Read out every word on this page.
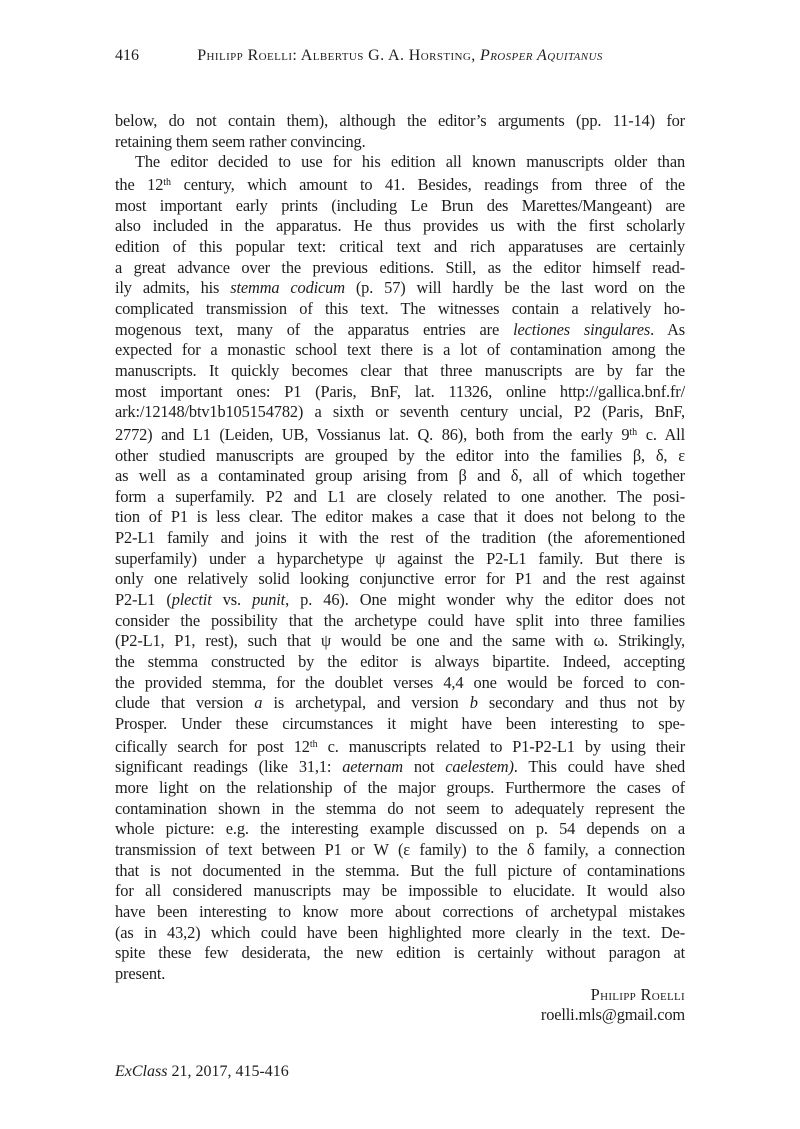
416	Philipp Roelli: Albertus G. A. Horsting, Prosper Aquitanus
below, do not contain them), although the editor’s arguments (pp. 11-14) for
retaining them seem rather convincing.
The editor decided to use for his edition all known manuscripts older than
the 12th century, which amount to 41. Besides, readings from three of the
most important early prints (including Le Brun des Marettes/Mangeant) are
also included in the apparatus. He thus provides us with the first scholarly
edition of this popular text: critical text and rich apparatuses are certainly
a great advance over the previous editions. Still, as the editor himself read-
ily admits, his stemma codicum (p. 57) will hardly be the last word on the
complicated transmission of this text. The witnesses contain a relatively ho-
mogenous text, many of the apparatus entries are lectiones singulares. As
expected for a monastic school text there is a lot of contamination among the
manuscripts. It quickly becomes clear that three manuscripts are by far the
most important ones: P1 (Paris, BnF, lat. 11326, online http://gallica.bnf.fr/
ark:/12148/btv1b105154782) a sixth or seventh century uncial, P2 (Paris, BnF,
2772) and L1 (Leiden, UB, Vossianus lat. Q. 86), both from the early 9th c. All
other studied manuscripts are grouped by the editor into the families β, δ, ε
as well as a contaminated group arising from β and δ, all of which together
form a superfamily. P2 and L1 are closely related to one another. The posi-
tion of P1 is less clear. The editor makes a case that it does not belong to the
P2-L1 family and joins it with the rest of the tradition (the aforementioned
superfamily) under a hyparchetype ψ against the P2-L1 family. But there is
only one relatively solid looking conjunctive error for P1 and the rest against
P2-L1 (plectit vs. punit, p. 46). One might wonder why the editor does not
consider the possibility that the archetype could have split into three families
(P2-L1, P1, rest), such that ψ would be one and the same with ω. Strikingly,
the stemma constructed by the editor is always bipartite. Indeed, accepting
the provided stemma, for the doublet verses 4,4 one would be forced to con-
clude that version a is archetypal, and version b secondary and thus not by
Prosper. Under these circumstances it might have been interesting to spe-
cifically search for post 12th c. manuscripts related to P1-P2-L1 by using their
significant readings (like 31,1: aeternam not caelestem). This could have shed
more light on the relationship of the major groups. Furthermore the cases of
contamination shown in the stemma do not seem to adequately represent the
whole picture: e.g. the interesting example discussed on p. 54 depends on a
transmission of text between P1 or W (ε family) to the δ family, a connection
that is not documented in the stemma. But the full picture of contaminations
for all considered manuscripts may be impossible to elucidate. It would also
have been interesting to know more about corrections of archetypal mistakes
(as in 43,2) which could have been highlighted more clearly in the text. De-
spite these few desiderata, the new edition is certainly without paragon at
present.
Philipp Roelli
roelli.mls@gmail.com
ExClass 21, 2017, 415-416
